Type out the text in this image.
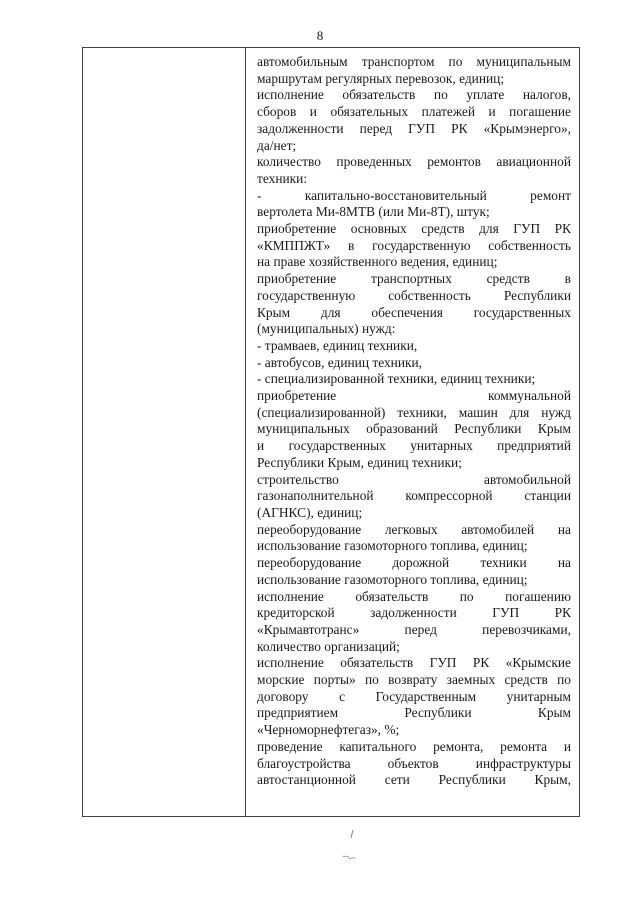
8
автомобильным транспортом по муниципальным
маршрутам регулярных перевозок, единиц;
исполнение обязательств по уплате налогов,
сборов и обязательных платежей и погашение
задолженности перед ГУП РК «Крымэнерго»,
да/нет;
количество проведенных ремонтов авиационной
техники:
- капитально-восстановительный ремонт
вертолета Ми-8МТВ (или Ми-8Т), штук;
приобретение основных средств для ГУП РК
«КМППЖТ» в государственную собственность
на праве хозяйственного ведения, единиц;
приобретение транспортных средств в
государственную собственность Республики
Крым для обеспечения государственных
(муниципальных) нужд:
- трамваев, единиц техники,
- автобусов, единиц техники,
- специализированной техники, единиц техники;
приобретение коммунальной
(специализированной) техники, машин для нужд
муниципальных образований Республики Крым
и государственных унитарных предприятий
Республики Крым, единиц техники;
строительство автомобильной
газонаполнительной компрессорной станции
(АГНКС), единиц;
переоборудование легковых автомобилей на
использование газомоторного топлива, единиц;
переоборудование дорожной техники на
использование газомоторного топлива, единиц;
исполнение обязательств по погашению
кредиторской задолженности ГУП РК
«Крымавтотранс» перед перевозчиками,
количество организаций;
исполнение обязательств ГУП РК «Крымские
морские порты» по возврату заемных средств по
договору с Государственным унитарным
предприятием Республики Крым
«Черноморнефтегаз», %;
проведение капитального ремонта, ремонта и
благоустройства объектов инфраструктуры
автостанционной сети Республики Крым,
